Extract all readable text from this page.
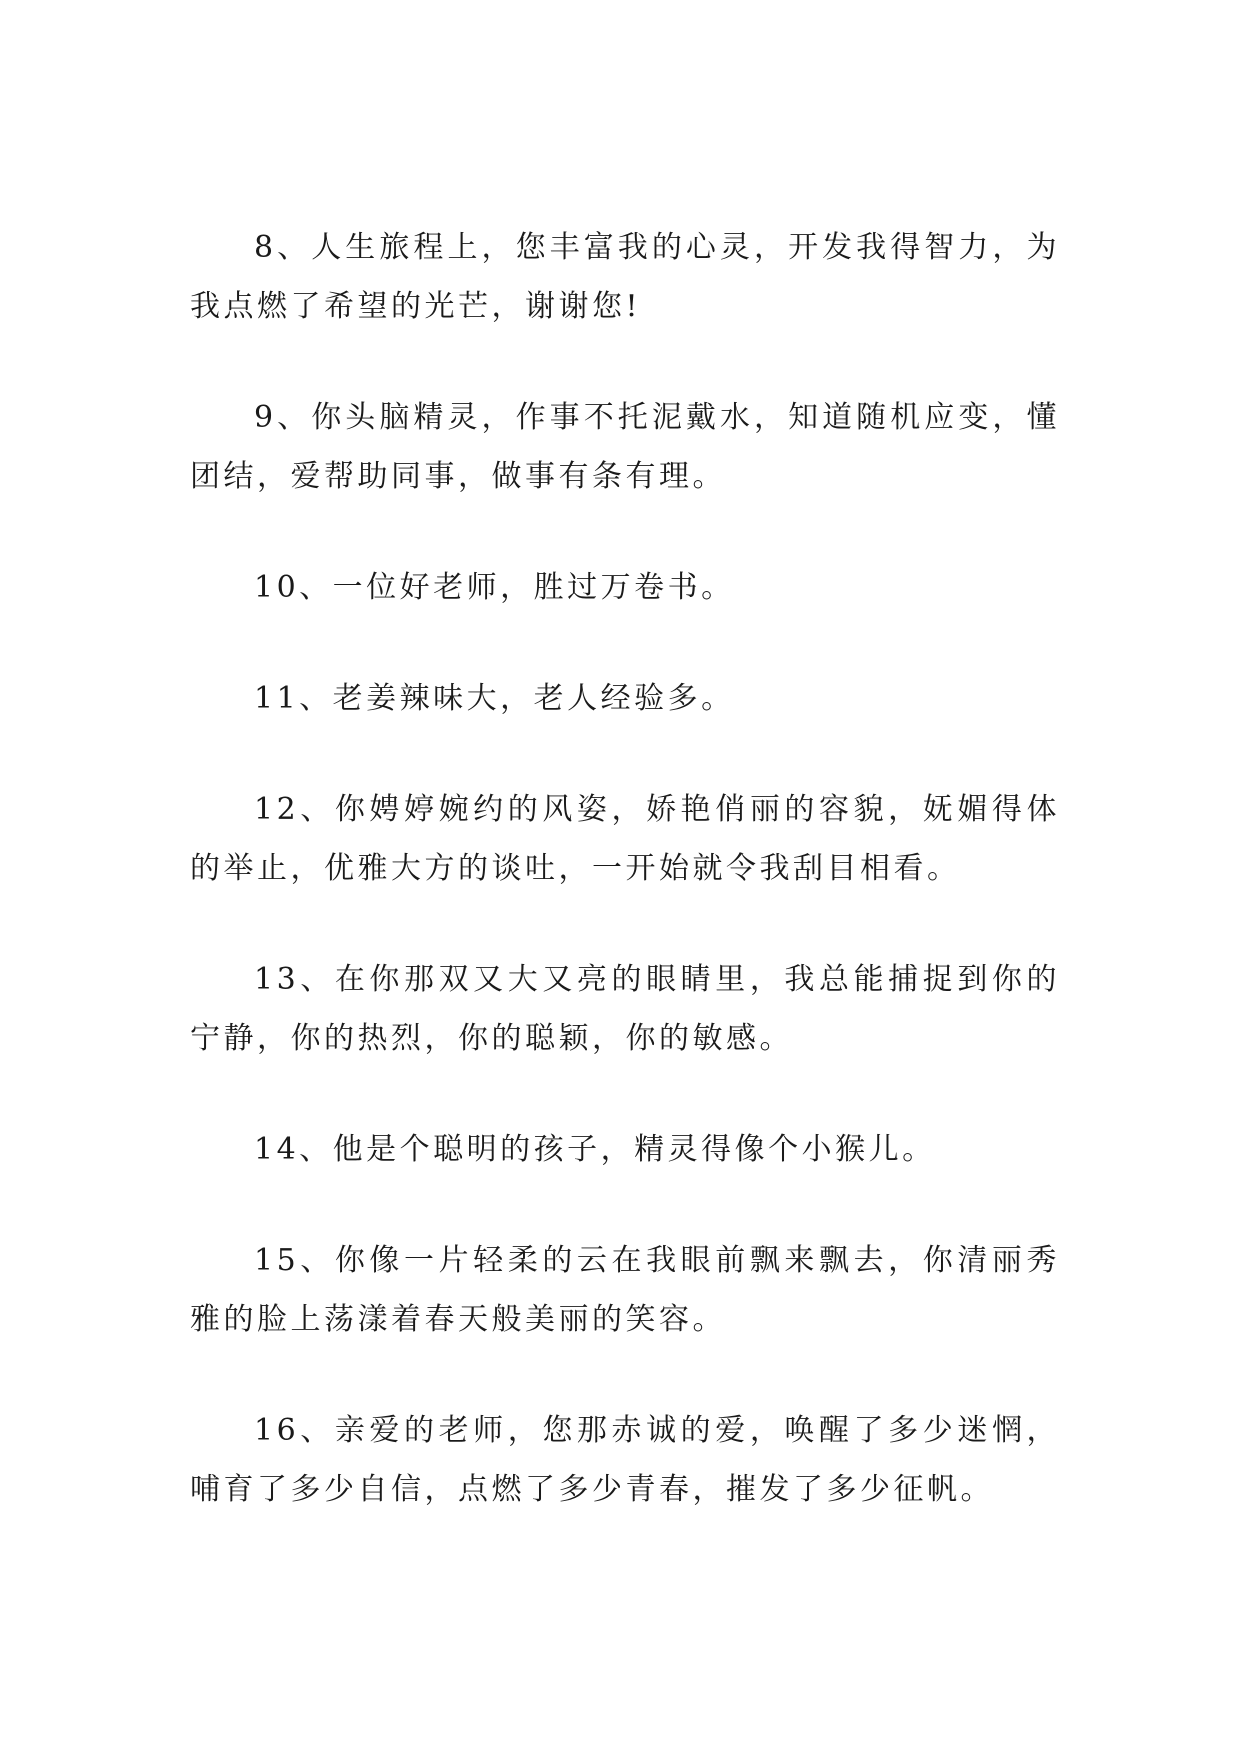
8、人生旅程上，您丰富我的心灵，开发我得智力，为我点燃了希望的光芒，谢谢您!

9、你头脑精灵，作事不托泥戴水，知道随机应变，懂团结，爱帮助同事，做事有条有理。

10、一位好老师，胜过万卷书。

11、老姜辣味大，老人经验多。

12、你娉婷婉约的风姿，娇艳俏丽的容貌，妩媚得体的举止，优雅大方的谈吐，一开始就令我刮目相看。

13、在你那双又大又亮的眼睛里，我总能捕捉到你的宁静，你的热烈，你的聪颖，你的敏感。

14、他是个聪明的孩子，精灵得像个小猴儿。

15、你像一片轻柔的云在我眼前飘来飘去，你清丽秀雅的脸上荡漾着春天般美丽的笑容。

16、亲爱的老师，您那赤诚的爱，唤醒了多少迷惘，哺育了多少自信，点燃了多少青春，摧发了多少征帆。
